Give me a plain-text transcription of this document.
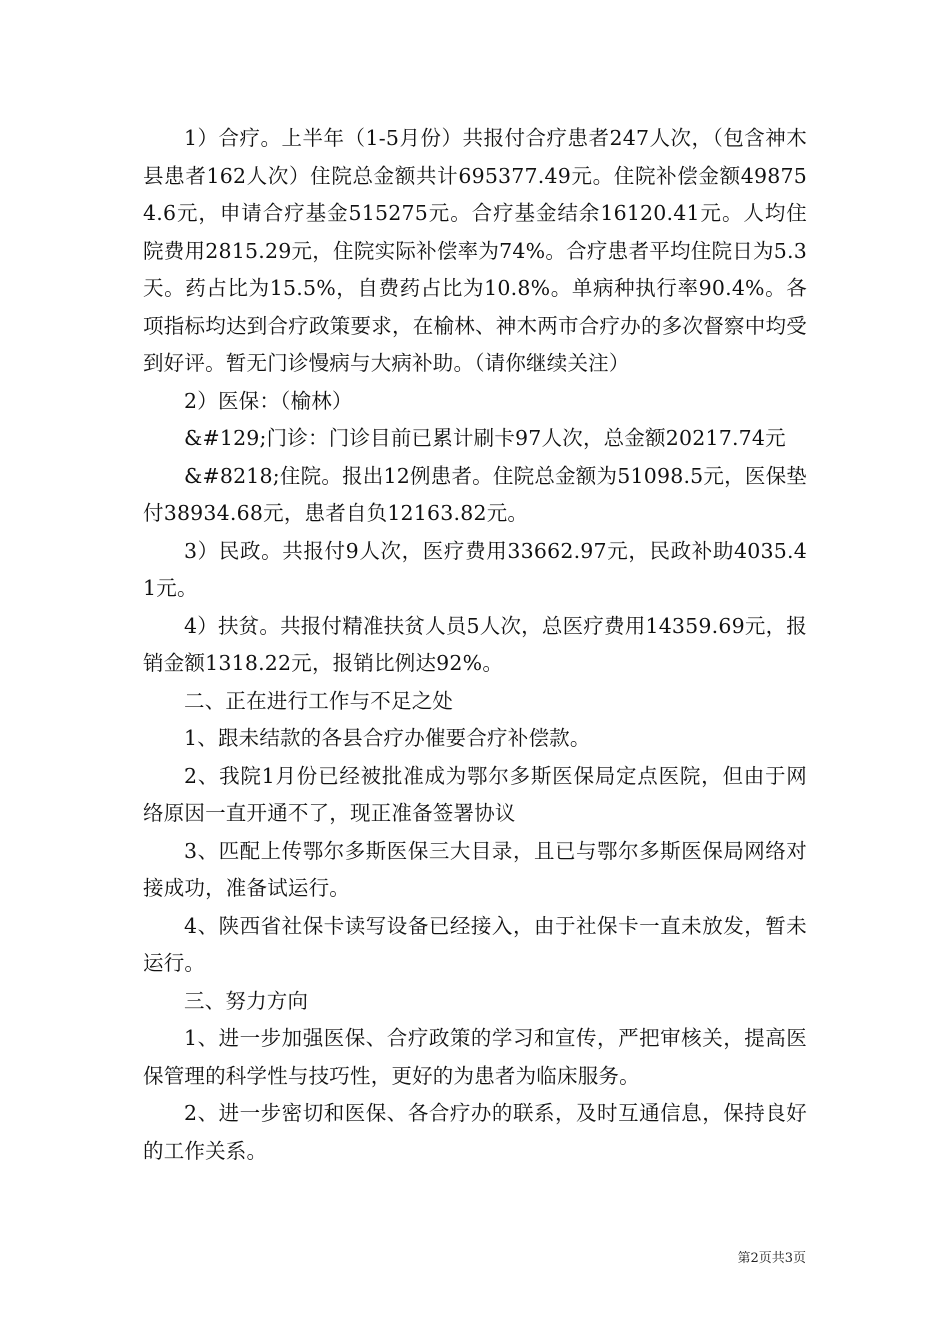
1）合疗。上半年（1-5月份）共报付合疗患者247人次，（包含神木县患者162人次）住院总金额共计695377.49元。住院补偿金额498754.6元，申请合疗基金515275元。合疗基金结余16120.41元。人均住院费用2815.29元，住院实际补偿率为74%。合疗患者平均住院日为5.3天。药占比为15.5%，自费药占比为10.8%。单病种执行率90.4%。各项指标均达到合疗政策要求，在榆林、神木两市合疗办的多次督察中均受到好评。暂无门诊慢病与大病补助。（请你继续关注）

2）医保：（榆林）

&#129;门诊：门诊目前已累计刷卡97人次，总金额20217.74元

&#8218;住院。报出12例患者。住院总金额为51098.5元，医保垫付38934.68元，患者自负12163.82元。

3）民政。共报付9人次，医疗费用33662.97元，民政补助4035.41元。

4）扶贫。共报付精准扶贫人员5人次，总医疗费用14359.69元，报销金额1318.22元，报销比例达92%。

二、正在进行工作与不足之处

1、跟未结款的各县合疗办催要合疗补偿款。

2、我院1月份已经被批准成为鄂尔多斯医保局定点医院，但由于网络原因一直开通不了，现正准备签署协议

3、匹配上传鄂尔多斯医保三大目录，且已与鄂尔多斯医保局网络对接成功，准备试运行。

4、陕西省社保卡读写设备已经接入，由于社保卡一直未放发，暂未运行。

三、努力方向

1、进一步加强医保、合疗政策的学习和宣传，严把审核关，提高医保管理的科学性与技巧性，更好的为患者为临床服务。

2、进一步密切和医保、各合疗办的联系，及时互通信息，保持良好的工作关系。

第2页共3页
